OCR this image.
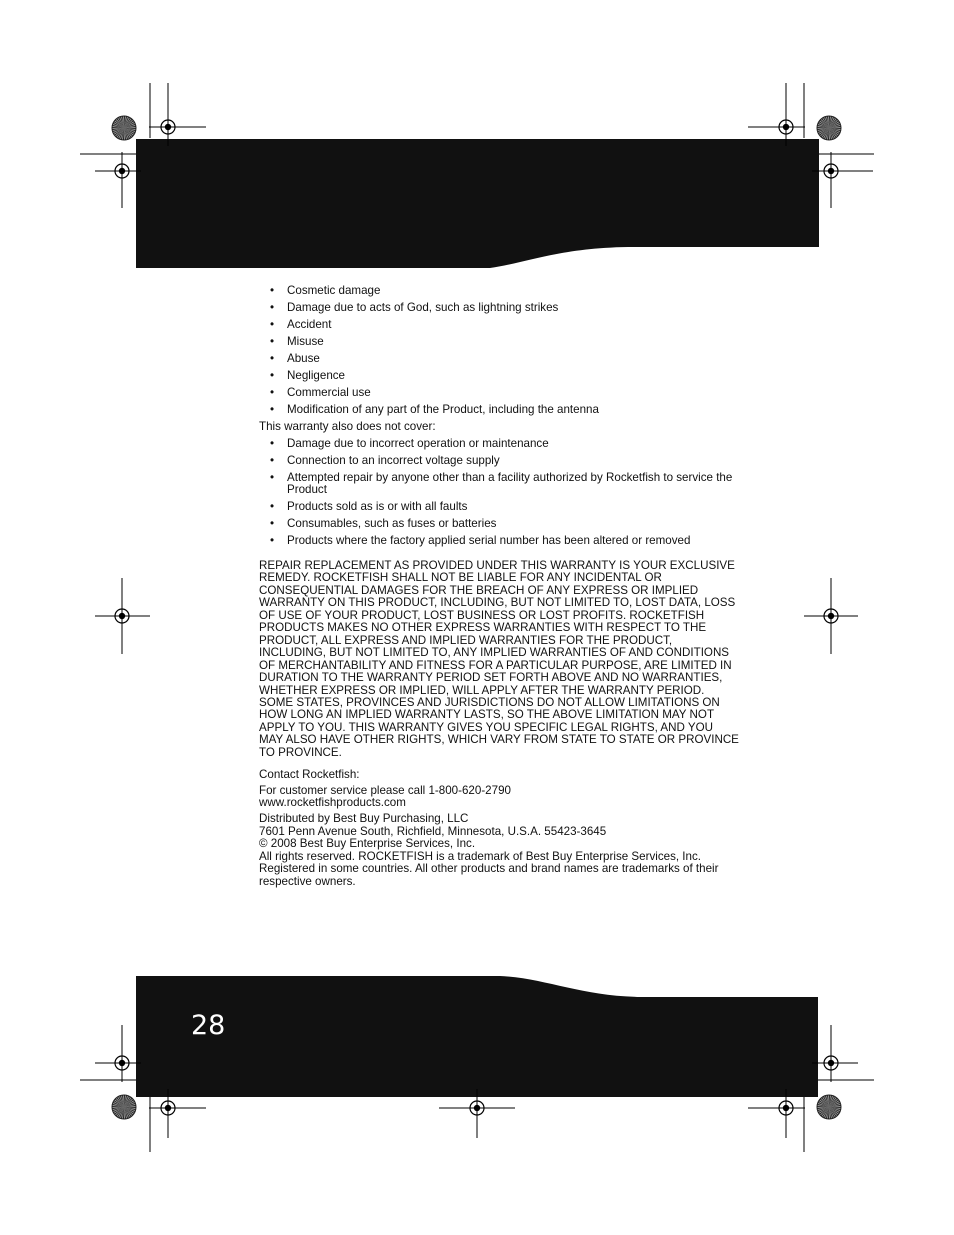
• Cosmetic damage
• Damage due to acts of God, such as lightning strikes
• Accident
• Misuse
• Abuse
• Negligence
• Commercial use
• Modification of any part of the Product, including the antenna

This warranty also does not cover:

• Damage due to incorrect operation or maintenance
• Connection to an incorrect voltage supply
• Attempted repair by anyone other than a facility authorized by Rocketfish to service the Product
• Products sold as is or with all faults
• Consumables, such as fuses or batteries
• Products where the factory applied serial number has been altered or removed

REPAIR REPLACEMENT AS PROVIDED UNDER THIS WARRANTY IS YOUR EXCLUSIVE REMEDY. ROCKETFISH SHALL NOT BE LIABLE FOR ANY INCIDENTAL OR CONSEQUENTIAL DAMAGES FOR THE BREACH OF ANY EXPRESS OR IMPLIED WARRANTY ON THIS PRODUCT, INCLUDING, BUT NOT LIMITED TO, LOST DATA, LOSS OF USE OF YOUR PRODUCT, LOST BUSINESS OR LOST PROFITS. ROCKETFISH PRODUCTS MAKES NO OTHER EXPRESS WARRANTIES WITH RESPECT TO THE PRODUCT, ALL EXPRESS AND IMPLIED WARRANTIES FOR THE PRODUCT, INCLUDING, BUT NOT LIMITED TO, ANY IMPLIED WARRANTIES OF AND CONDITIONS OF MERCHANTABILITY AND FITNESS FOR A PARTICULAR PURPOSE, ARE LIMITED IN DURATION TO THE WARRANTY PERIOD SET FORTH ABOVE AND NO WARRANTIES, WHETHER EXPRESS OR IMPLIED, WILL APPLY AFTER THE WARRANTY PERIOD. SOME STATES, PROVINCES AND JURISDICTIONS DO NOT ALLOW LIMITATIONS ON HOW LONG AN IMPLIED WARRANTY LASTS, SO THE ABOVE LIMITATION MAY NOT APPLY TO YOU. THIS WARRANTY GIVES YOU SPECIFIC LEGAL RIGHTS, AND YOU MAY ALSO HAVE OTHER RIGHTS, WHICH VARY FROM STATE TO STATE OR PROVINCE TO PROVINCE.

Contact Rocketfish:

For customer service please call 1-800-620-2790

www.rocketfishproducts.com

Distributed by Best Buy Purchasing, LLC

7601 Penn Avenue South, Richfield, Minnesota, U.S.A. 55423-3645

© 2008 Best Buy Enterprise Services, Inc.

All rights reserved. ROCKETFISH is a trademark of Best Buy Enterprise Services, Inc. Registered in some countries. All other products and brand names are trademarks of their respective owners.

28
